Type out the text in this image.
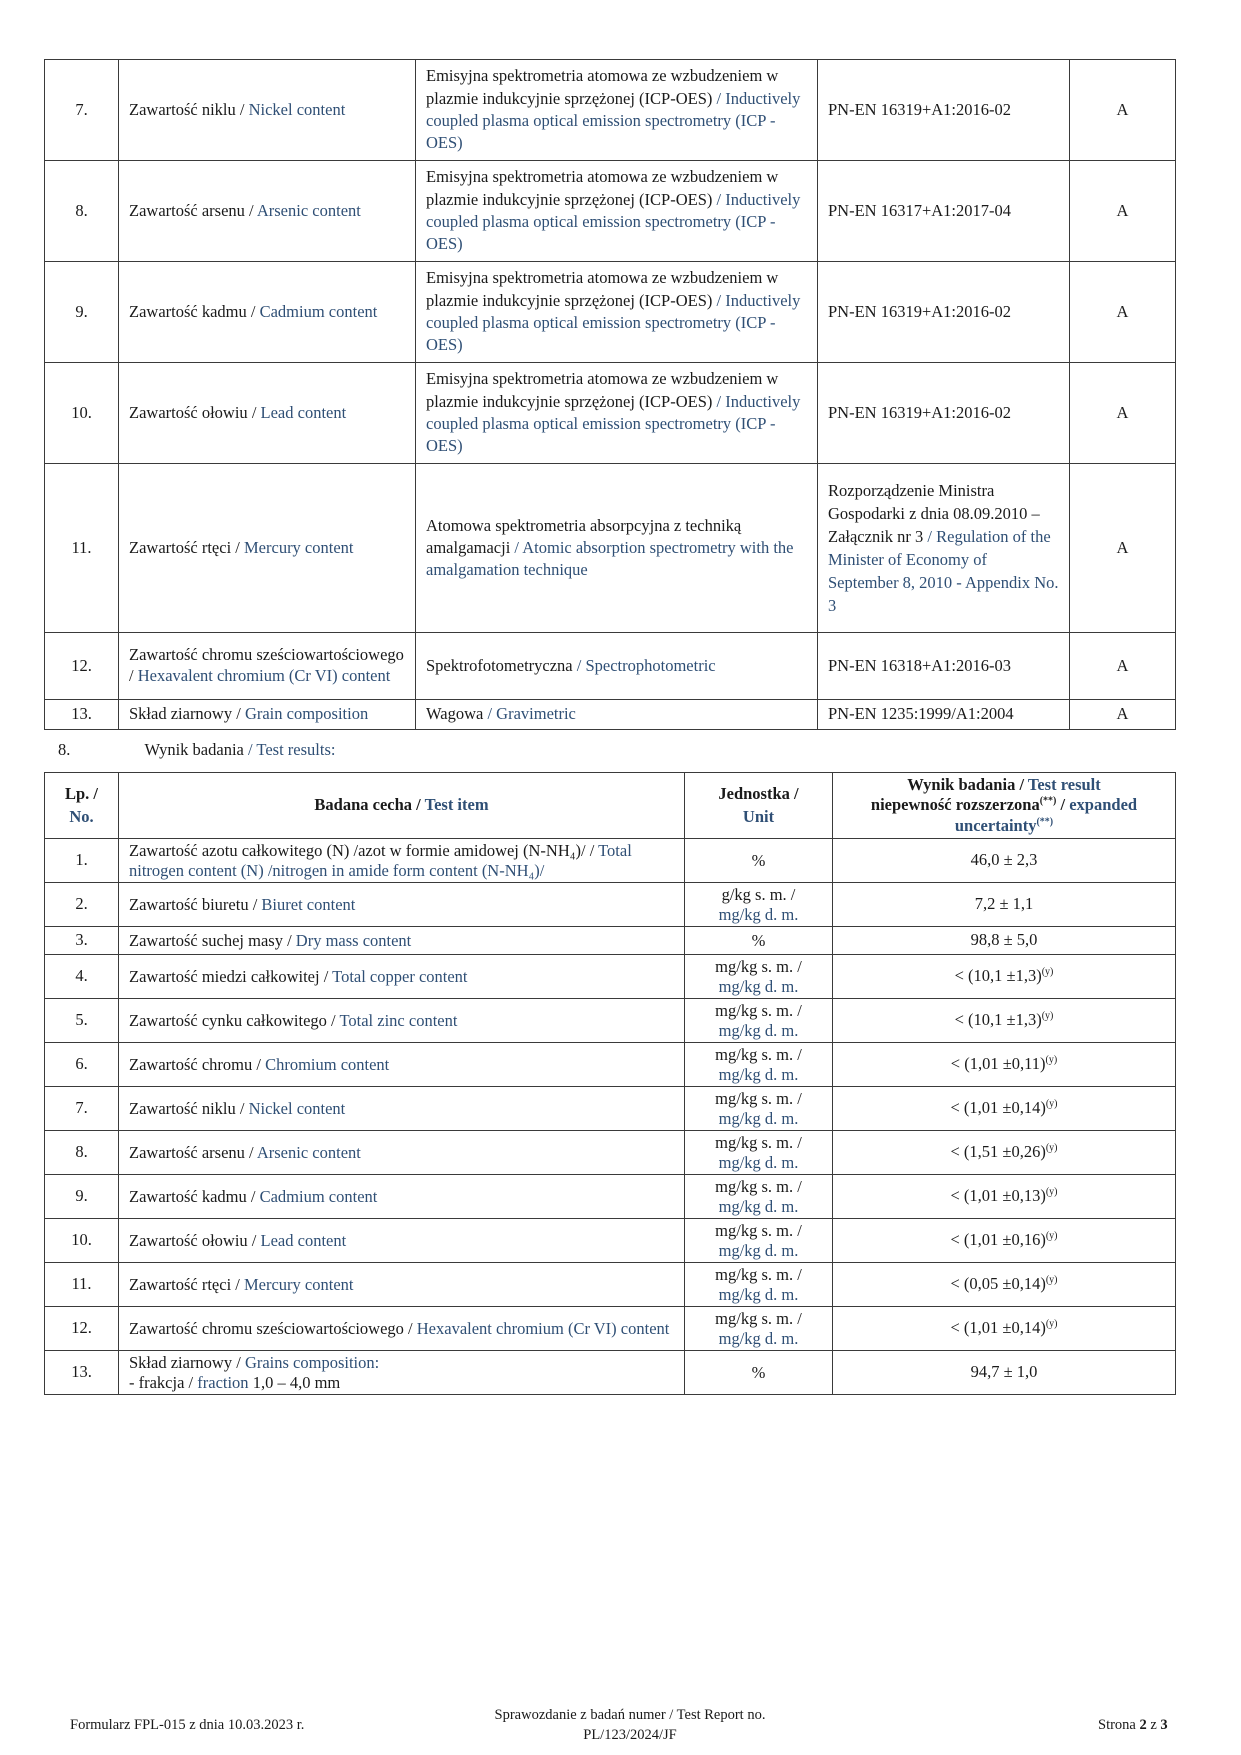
7.	Zawartość niklu / Nickel content	Emisyjna spektrometria atomowa ze wzbudzeniem w plazmie indukcyjnie sprzężonej (ICP-OES) / Inductively coupled plasma optical emission spectrometry (ICP -OES)	PN-EN 16319+A1:2016-02	A
8.	Zawartość arsenu / Arsenic content	Emisyjna spektrometria atomowa ze wzbudzeniem w plazmie indukcyjnie sprzężonej (ICP-OES) / Inductively coupled plasma optical emission spectrometry (ICP -OES)	PN-EN 16317+A1:2017-04	A
9.	Zawartość kadmu / Cadmium content	Emisyjna spektrometria atomowa ze wzbudzeniem w plazmie indukcyjnie sprzężonej (ICP-OES) / Inductively coupled plasma optical emission spectrometry (ICP -OES)	PN-EN 16319+A1:2016-02	A
10.	Zawartość ołowiu / Lead content	Emisyjna spektrometria atomowa ze wzbudzeniem w plazmie indukcyjnie sprzężonej (ICP-OES) / Inductively coupled plasma optical emission spectrometry (ICP -OES)	PN-EN 16319+A1:2016-02	A
11.	Zawartość rtęci / Mercury content	Atomowa spektrometria absorpcyjna z techniką amalgamacji / Atomic absorption spectrometry with the amalgamation technique	Rozporządzenie Ministra Gospodarki z dnia 08.09.2010 – Załącznik nr 3 / Regulation of the Minister of Economy of September 8, 2010 - Appendix No. 3	A
12.	Zawartość chromu sześciowartościowego / Hexavalent chromium (Cr VI) content	Spektrofotometryczna / Spectrophotometric	PN-EN 16318+A1:2016-03	A
13.	Skład ziarnowy / Grain composition	Wagowa / Gravimetric	PN-EN 1235:1999/A1:2004	A
8.	Wynik badania / Test results:
Lp. /
No.	Badana cecha / Test item	Jednostka /
Unit	Wynik badania / Test result
niepewność rozszerzona(**) / expanded uncertainty(**)
1.	Zawartość azotu całkowitego (N) /azot w formie amidowej (N-NH₄)/ / Total nitrogen content (N) /nitrogen in amide form content (N-NH₄)/	%	46,0 ± 2,3
2.	Zawartość biuretu / Biuret content	g/kg s. m. /
mg/kg d. m.	7,2 ± 1,1
3.	Zawartość suchej masy / Dry mass content	%	98,8 ± 5,0
4.	Zawartość miedzi całkowitej / Total copper content	mg/kg s. m. /
mg/kg d. m.	< $(10,1 \pm 1,3)^{(y)}$
5.	Zawartość cynku całkowitego / Total zinc content	mg/kg s. m. /
mg/kg d. m.	< $(10,1 \pm 1,3)^{(y)}$
6.	Zawartość chromu / Chromium content	mg/kg s. m. /
mg/kg d. m.	< $(1,01 \pm 0,11)^{(y)}$
7.	Zawartość niklu / Nickel content	mg/kg s. m. /
mg/kg d. m.	< $(1,01 \pm 0,14)^{(y)}$
8.	Zawartość arsenu / Arsenic content	mg/kg s. m. /
mg/kg d. m.	< $(1,51 \pm 0,26)^{(y)}$
9.	Zawartość kadmu / Cadmium content	mg/kg s. m. /
mg/kg d. m.	< $(1,01 \pm 0,13)^{(y)}$
10.	Zawartość ołowiu / Lead content	mg/kg s. m. /
mg/kg d. m.	< $(1,01 \pm 0,16)^{(y)}$
11.	Zawartość rtęci / Mercury content	mg/kg s. m. /
mg/kg d. m.	< $(0,05 \pm 0,14)^{(y)}$
12.	Zawartość chromu sześciowartościowego / Hexavalent chromium (Cr VI) content	mg/kg s. m. /
mg/kg d. m.	< $(1,01 \pm 0,14)^{(y)}$
13.	Skład ziarnowy / Grains composition:
- frakcja / fraction 1,0 – 4,0 mm	%	94,7 ± 1,0
Formularz FPL-015 z dnia 10.03.2023 r.
Sprawozdanie z badań numer / Test Report no.
PL/123/2024/JF
Strona 2 z 3
